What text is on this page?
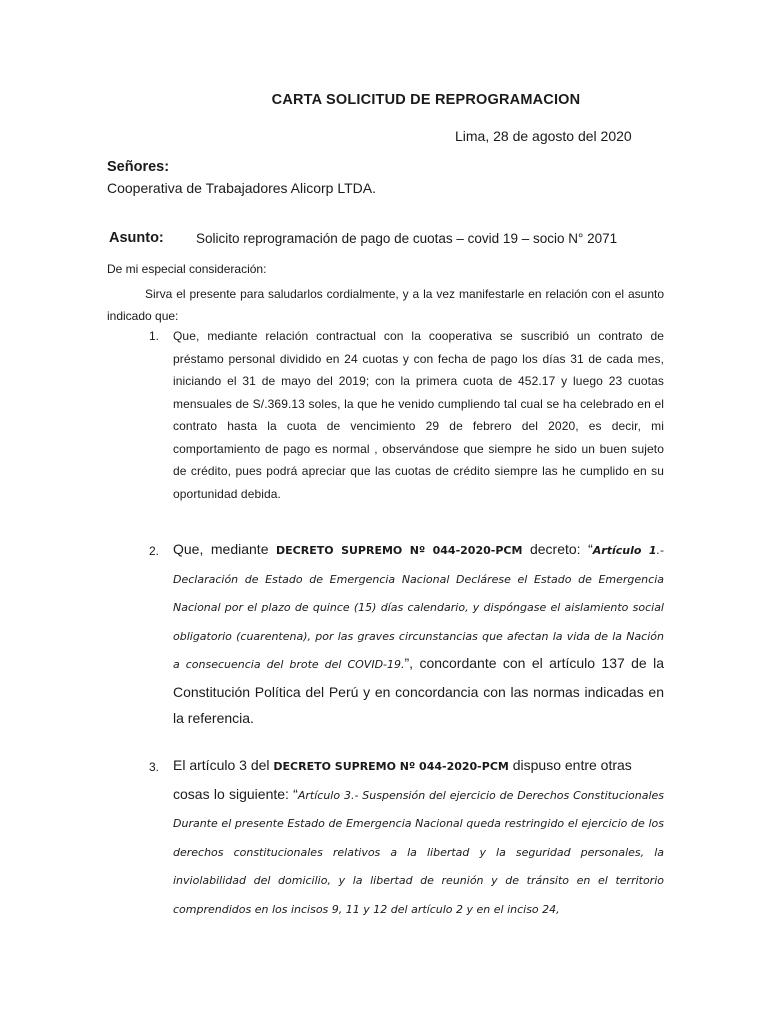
CARTA SOLICITUD DE REPROGRAMACION
Lima, 28 de agosto del 2020
Señores:
Cooperativa de Trabajadores Alicorp LTDA.
Asunto: Solicito reprogramación de pago de cuotas – covid 19 – socio N° 2071
De mi especial consideración:
Sirva el presente para saludarlos cordialmente, y a la vez manifestarle en relación con el asunto indicado que:
1. Que, mediante relación contractual con la cooperativa se suscribió un contrato de préstamo personal dividido en 24 cuotas y con fecha de pago los días 31 de cada mes, iniciando el 31 de mayo del 2019; con la primera cuota de 452.17 y luego 23 cuotas mensuales de S/.369.13 soles, la que he venido cumpliendo tal cual se ha celebrado en el contrato hasta la cuota de vencimiento 29 de febrero del 2020, es decir, mi comportamiento de pago es normal , observándose que siempre he sido un buen sujeto de crédito, pues podrá apreciar que las cuotas de crédito siempre las he cumplido en su oportunidad debida.
2. Que, mediante DECRETO SUPREMO Nº 044-2020-PCM decreto: “Artículo 1.- Declaración de Estado de Emergencia Nacional Declárese el Estado de Emergencia Nacional por el plazo de quince (15) días calendario, y dispóngase el aislamiento social obligatorio (cuarentena), por las graves circunstancias que afectan la vida de la Nación a consecuencia del brote del COVID-19.”, concordante con el artículo 137 de la Constitución Política del Perú y en concordancia con las normas indicadas en la referencia.
3. El artículo 3 del DECRETO SUPREMO Nº 044-2020-PCM dispuso entre otras
cosas lo siguiente: “Artículo 3.- Suspensión del ejercicio de Derechos Constitucionales Durante el presente Estado de Emergencia Nacional queda restringido el ejercicio de los derechos constitucionales relativos a la libertad y la seguridad personales, la inviolabilidad del domicilio, y la libertad de reunión y de tránsito en el territorio comprendidos en los incisos 9, 11 y 12 del artículo 2 y en el inciso 24,
